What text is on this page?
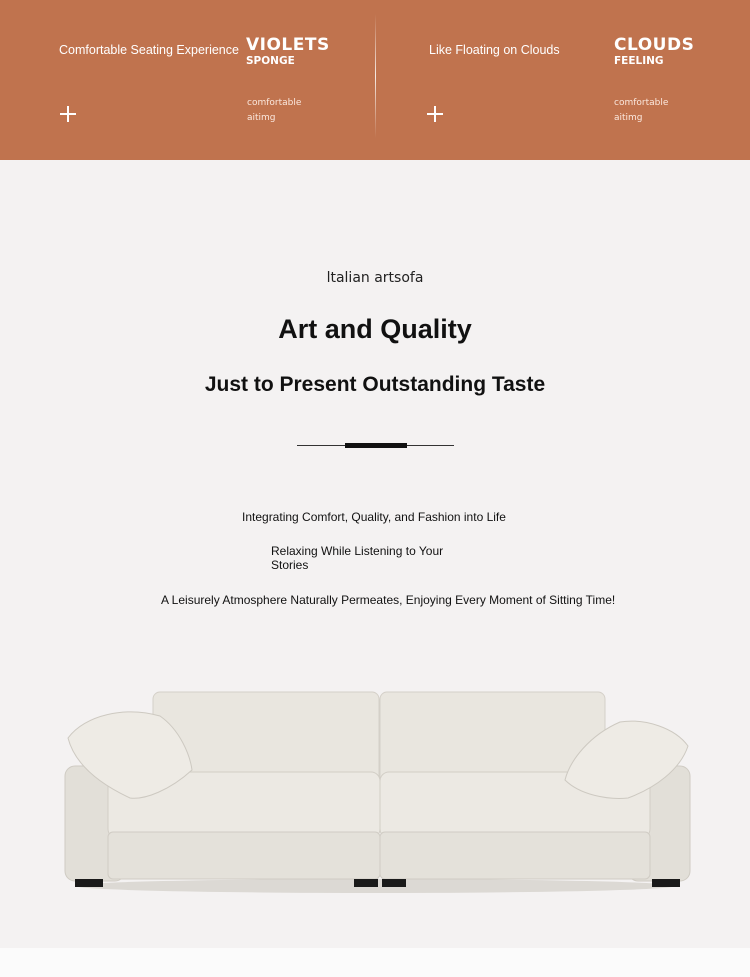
Comfortable Seating Experience VIOLETS
SPONGE
comfortable
aitimg
Like Floating on Clouds	CLOUDS
FEELING
comfortable
aitimg
ltalian artsofa
Art and Quality
Just to Present Outstanding Taste
Integrating Comfort, Quality, and Fashion into Life
Relaxing While Listening to Your
Stories
A Leisurely Atmosphere Naturally Permeates, Enjoying Every Moment of Sitting Time!
